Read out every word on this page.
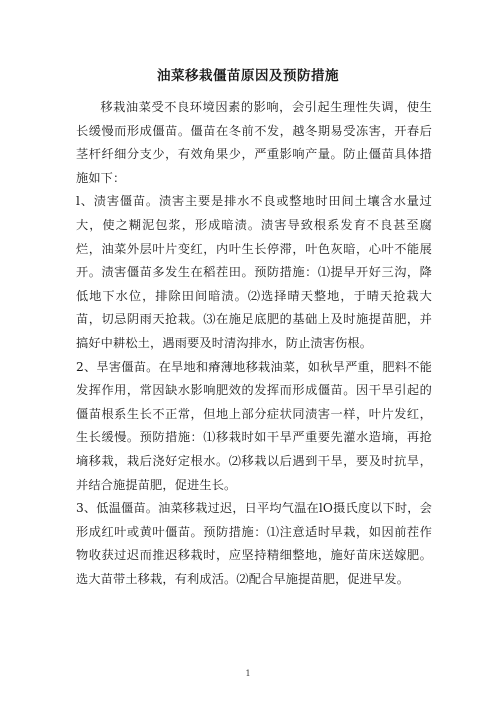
油菜移栽僵苗原因及预防措施

移栽油菜受不良环境因素的影响，会引起生理性失调，使生长缓慢而形成僵苗。僵苗在冬前不发，越冬期易受冻害，开春后茎杆纤细分支少，有效角果少，严重影响产量。防止僵苗具体措施如下：

l、渍害僵苗。渍害主要是排水不良或整地时田间土壤含水量过大，使之糊泥包浆，形成暗渍。渍害导致根系发育不良甚至腐烂，油菜外层叶片变红，内叶生长停滞，叶色灰暗，心叶不能展开。渍害僵苗多发生在稻茬田。预防措施：⑴提早开好三沟，降低地下水位，排除田间暗渍。⑵选择晴天整地，于晴天抢栽大苗，切忌阴雨天抢栽。⑶在施足底肥的基础上及时施提苗肥，并搞好中耕松土，遇雨要及时清沟排水，防止渍害伤根。

2、旱害僵苗。在旱地和瘠薄地移栽油菜，如秋旱严重，肥料不能发挥作用，常因缺水影响肥效的发挥而形成僵苗。因干旱引起的僵苗根系生长不正常，但地上部分症状同渍害一样，叶片发红，生长缓慢。预防措施：⑴移栽时如干旱严重要先灌水造墒，再抢墒移栽，栽后浇好定根水。⑵移栽以后遇到干旱，要及时抗旱，并结合施提苗肥，促进生长。

3、低温僵苗。油菜移栽过迟，日平均气温在lO摄氏度以下时，会形成红叶或黄叶僵苗。预防措施：⑴注意适时早栽，如因前茬作物收获过迟而推迟移栽时，应坚持精细整地，施好苗床送嫁肥。选大苗带土移栽，有利成活。⑵配合早施提苗肥，促进早发。

1
